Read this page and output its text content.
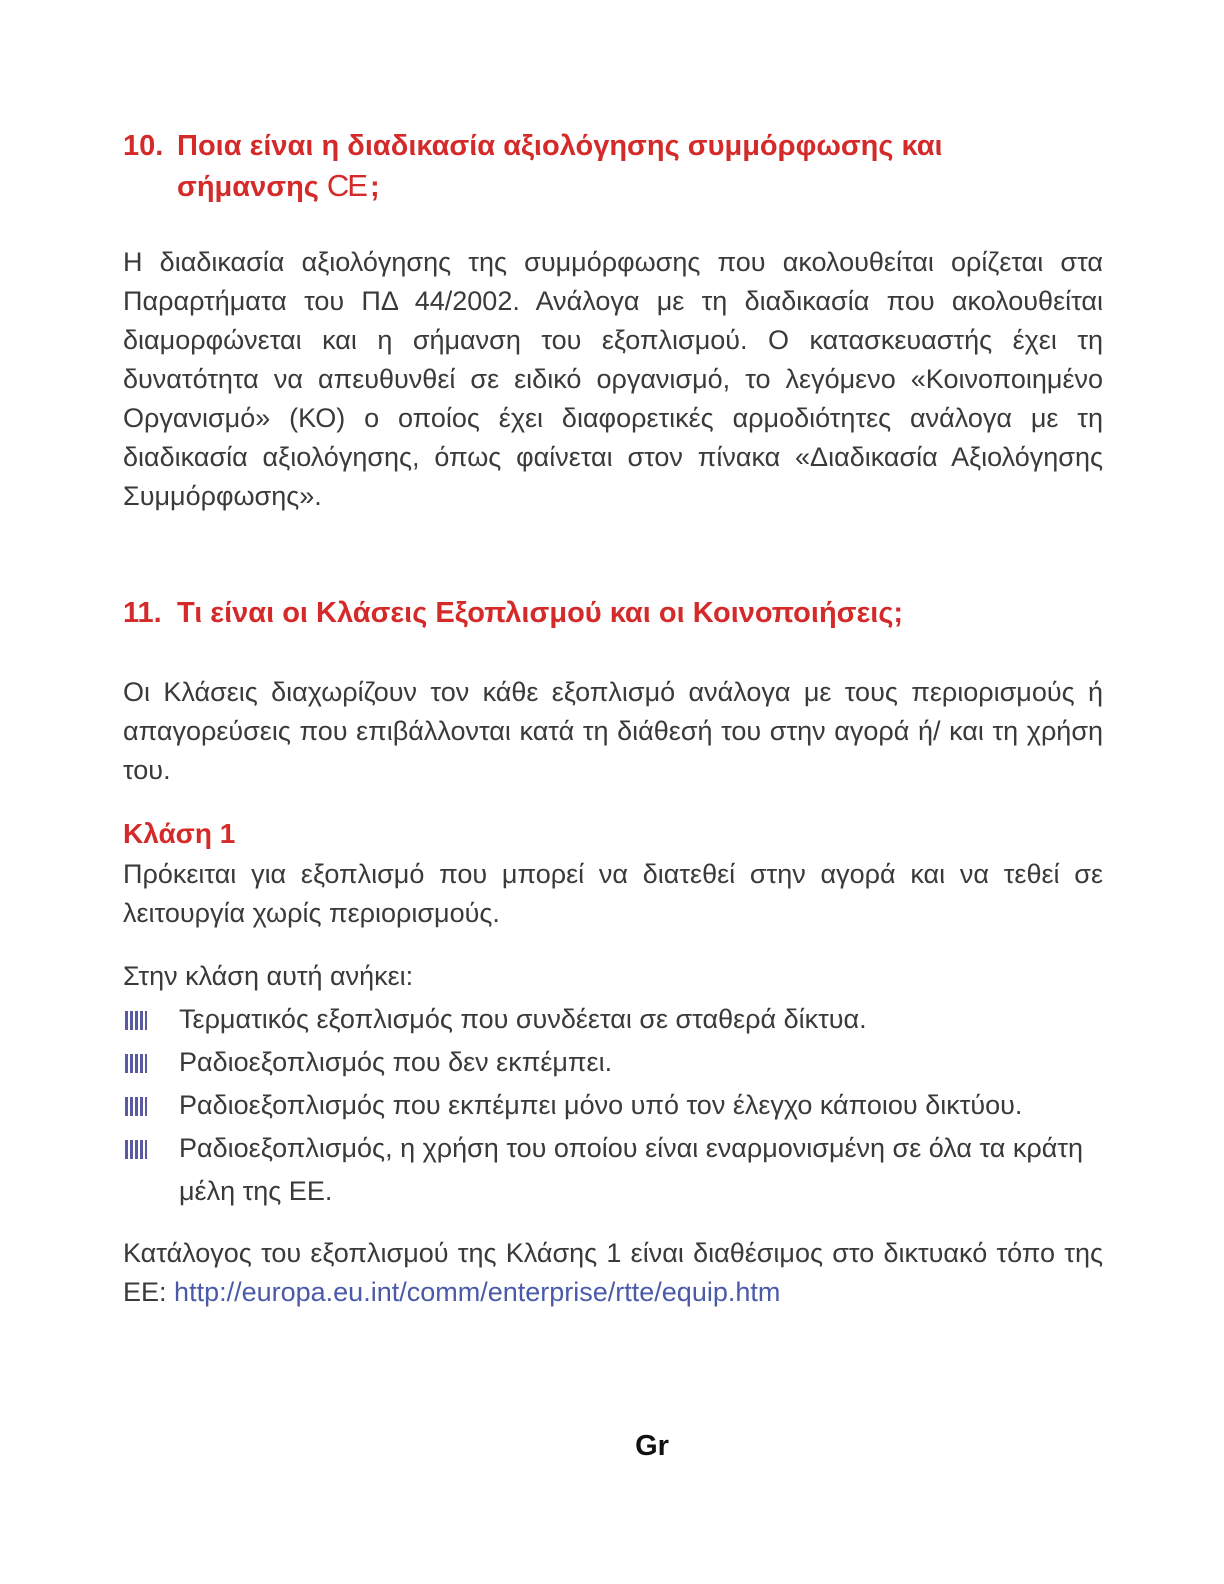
10. Ποια είναι η διαδικασία αξιολόγησης συμμόρφωσης και
σήμανσης CE ;

Η διαδικασία αξιολόγησης της συμμόρφωσης που ακολουθείται ορίζεται στα Παραρτήματα του ΠΔ 44/2002. Ανάλογα με τη διαδικασία που ακολουθείται διαμορφώνεται και η σήμανση του εξοπλισμού. Ο κατασκευαστής έχει τη δυνατότητα να απευθυνθεί σε ειδικό οργανισμό, το λεγόμενο «Κοινοποιημένο Οργανισμό» (ΚΟ) ο οποίος έχει διαφορετικές αρμοδιότητες ανάλογα με τη διαδικασία αξιολόγησης, όπως φαίνεται στον πίνακα «Διαδικασία Αξιολόγησης Συμμόρφωσης».

11. Τι είναι οι Κλάσεις Εξοπλισμού και οι Κοινοποιήσεις;

Οι Κλάσεις διαχωρίζουν τον κάθε εξοπλισμό ανάλογα με τους περιορισμούς ή απαγορεύσεις που επιβάλλονται κατά τη διάθεσή του στην αγορά ή/ και τη χρήση του.

Κλάση 1

Πρόκειται για εξοπλισμό που μπορεί να διατεθεί στην αγορά και να τεθεί σε λειτουργία χωρίς περιορισμούς.

Στην κλάση αυτή ανήκει:

Τερματικός εξοπλισμός που συνδέεται σε σταθερά δίκτυα.
Ραδιοεξοπλισμός που δεν εκπέμπει.
Ραδιοεξοπλισμός που εκπέμπει μόνο υπό τον έλεγχο κάποιου δικτύου.
Ραδιοεξοπλισμός, η χρήση του οποίου είναι εναρμονισμένη σε όλα τα κράτη μέλη της ΕΕ.

Κατάλογος του εξοπλισμού της Κλάσης 1 είναι διαθέσιμος στο δικτυακό τόπο της ΕΕ: http://europa.eu.int/comm/enterprise/rtte/equip.htm

Gr
